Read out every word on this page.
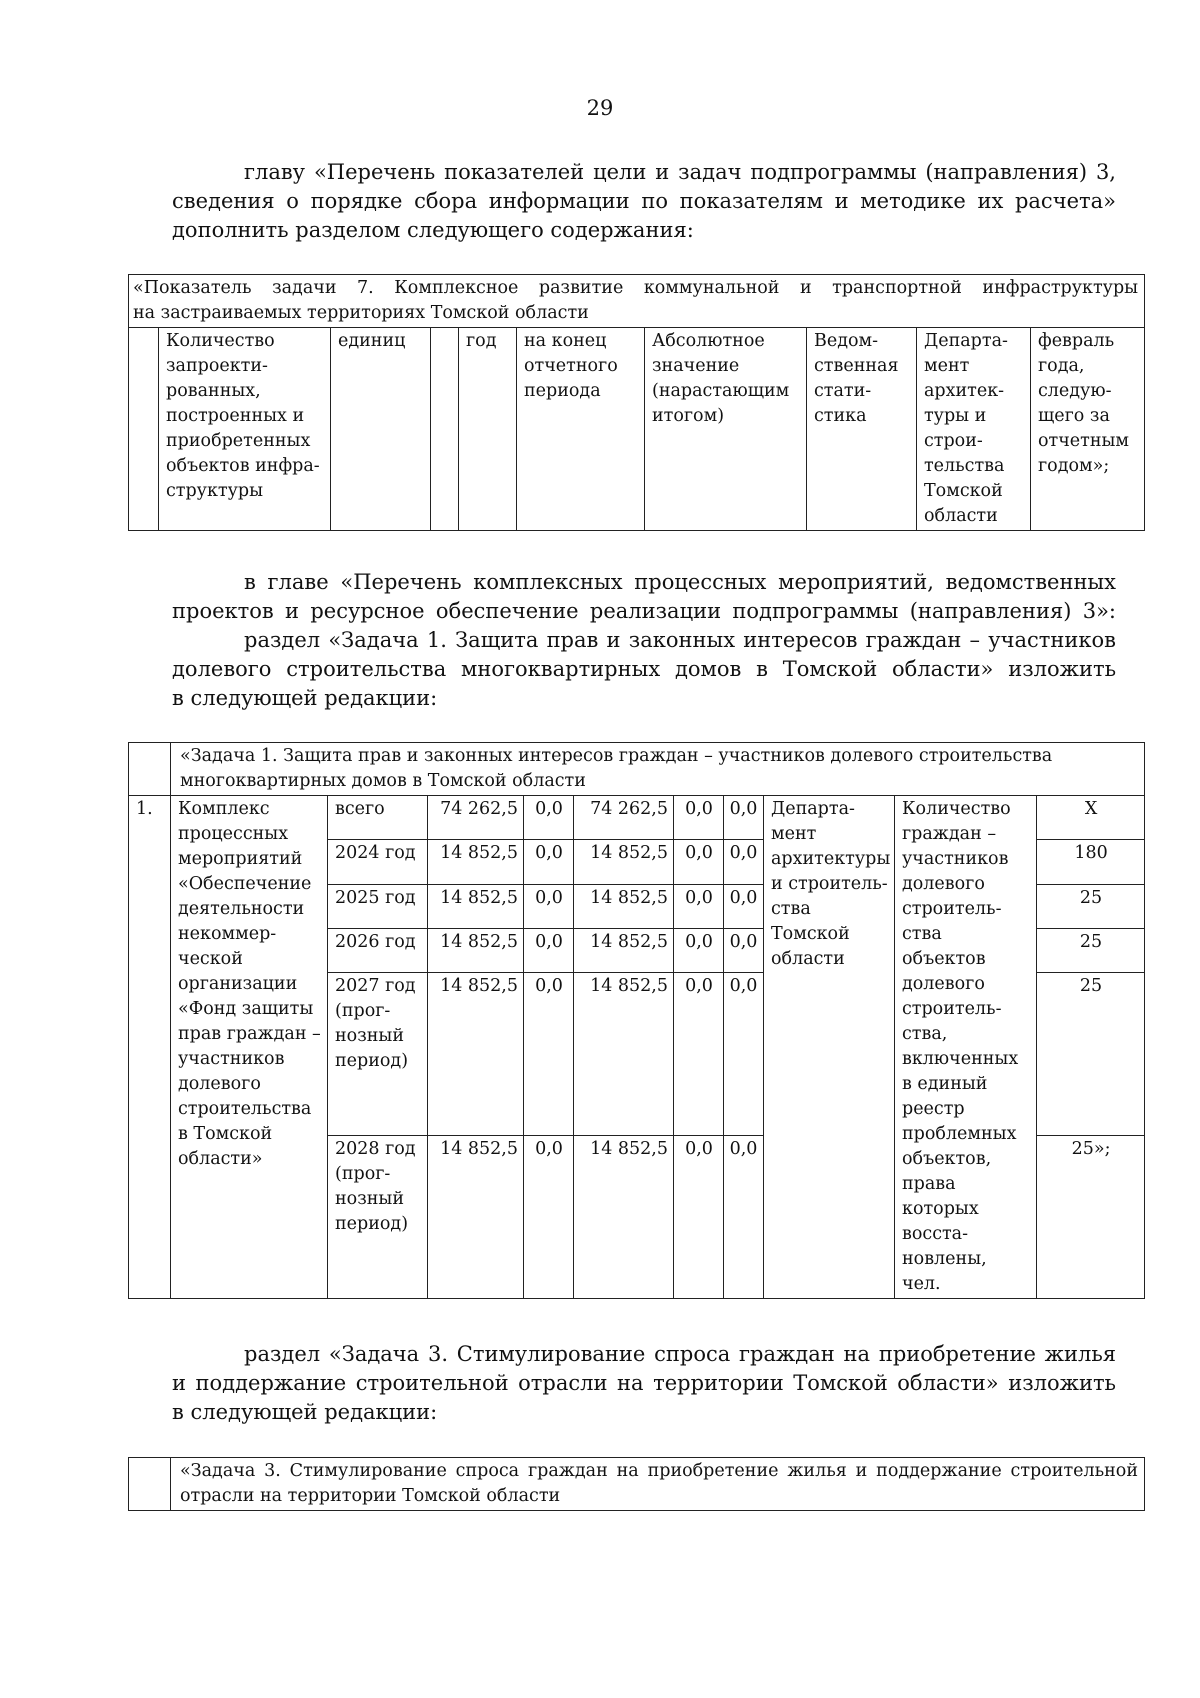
29
главу «Перечень показателей цели и задач подпрограммы (направления) 3,
сведения о порядке сбора информации по показателям и методике их расчета»
дополнить разделом следующего содержания:
«Показатель задачи 7. Комплексное развитие коммунальной и транспортной инфраструктуры
на застраиваемых территориях Томской области

	Количество запроекти-рованных, построенных и приобретенных объектов инфра-структуры	единиц		год	на конец отчетного периода	Абсолютное значение (нарастающим итогом)	Ведом-ственная стати-стика	Департа-мент архитек-туры и строи-тельства Томской области	февраль года, следую-щего за отчетным годом»;
в главе «Перечень комплексных процессных мероприятий, ведомственных
проектов и ресурсное обеспечение реализации подпрограммы (направления) 3»:
раздел «Задача 1. Защита прав и законных интересов граждан – участников
долевого строительства многоквартирных домов в Томской области» изложить
в следующей редакции:

	«Задача 1. Защита прав и законных интересов граждан – участников долевого строительства
многоквартирных домов в Томской области									

1.	Комплекс процессных мероприятий «Обеспечение деятельности некоммер-ческой организации «Фонд защиты прав граждан – участников долевого строительства в Томской области»	всего	74 262,5	0,0	74 262,5	0,0	0,0	Департа-мент архитектуры и строитель-ства Томской области	Количество граждан – участников долевого строитель-ства объектов долевого строитель-ства, включенных в единый реестр проблемных объектов, права которых восста-новлены, чел.	Х
		2024 год	14 852,5	0,0	14 852,5	0,0	0,0			180
		2025 год	14 852,5	0,0	14 852,5	0,0	0,0			25
		2026 год	14 852,5	0,0	14 852,5	0,0	0,0			25
		2027 год (прог-нозный период)	14 852,5	0,0	14 852,5	0,0	0,0			25
		2028 год (прог-нозный период)	14 852,5	0,0	14 852,5	0,0	0,0			25»;
раздел «Задача 3. Стимулирование спроса граждан на приобретение жилья
и поддержание строительной отрасли на территории Томской области» изложить
в следующей редакции:

«Задача 3. Стимулирование спроса граждан на приобретение жилья и поддержание строительной
отрасли на территории Томской области
